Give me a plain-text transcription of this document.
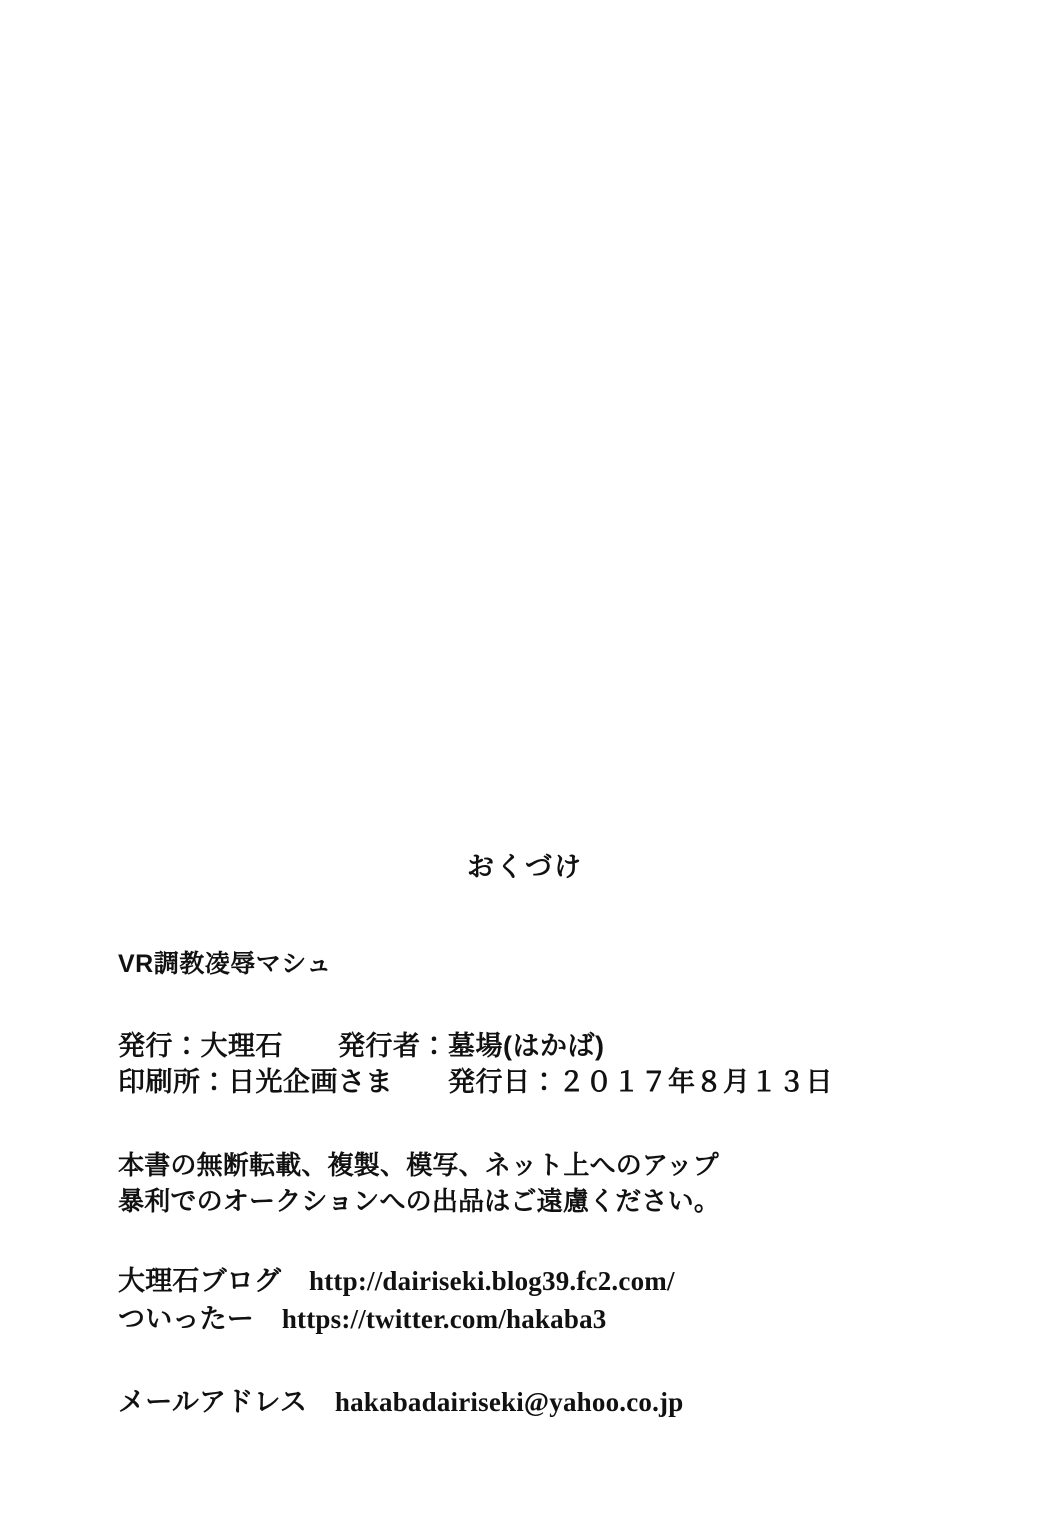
おくづけ
VR調教凌辱マシュ
発行：大理石　　発行者：墓場(はかば)
印刷所：日光企画さま　　発行日：２０１７年８月１３日
本書の無断転載、複製、模写、ネット上へのアップ
暴利でのオークションへの出品はご遠慮ください。
大理石ブログ http://dairiseki.blog39.fc2.com/
ついったー https://twitter.com/hakaba3
メールアドレス hakabadairiseki@yahoo.co.jp
